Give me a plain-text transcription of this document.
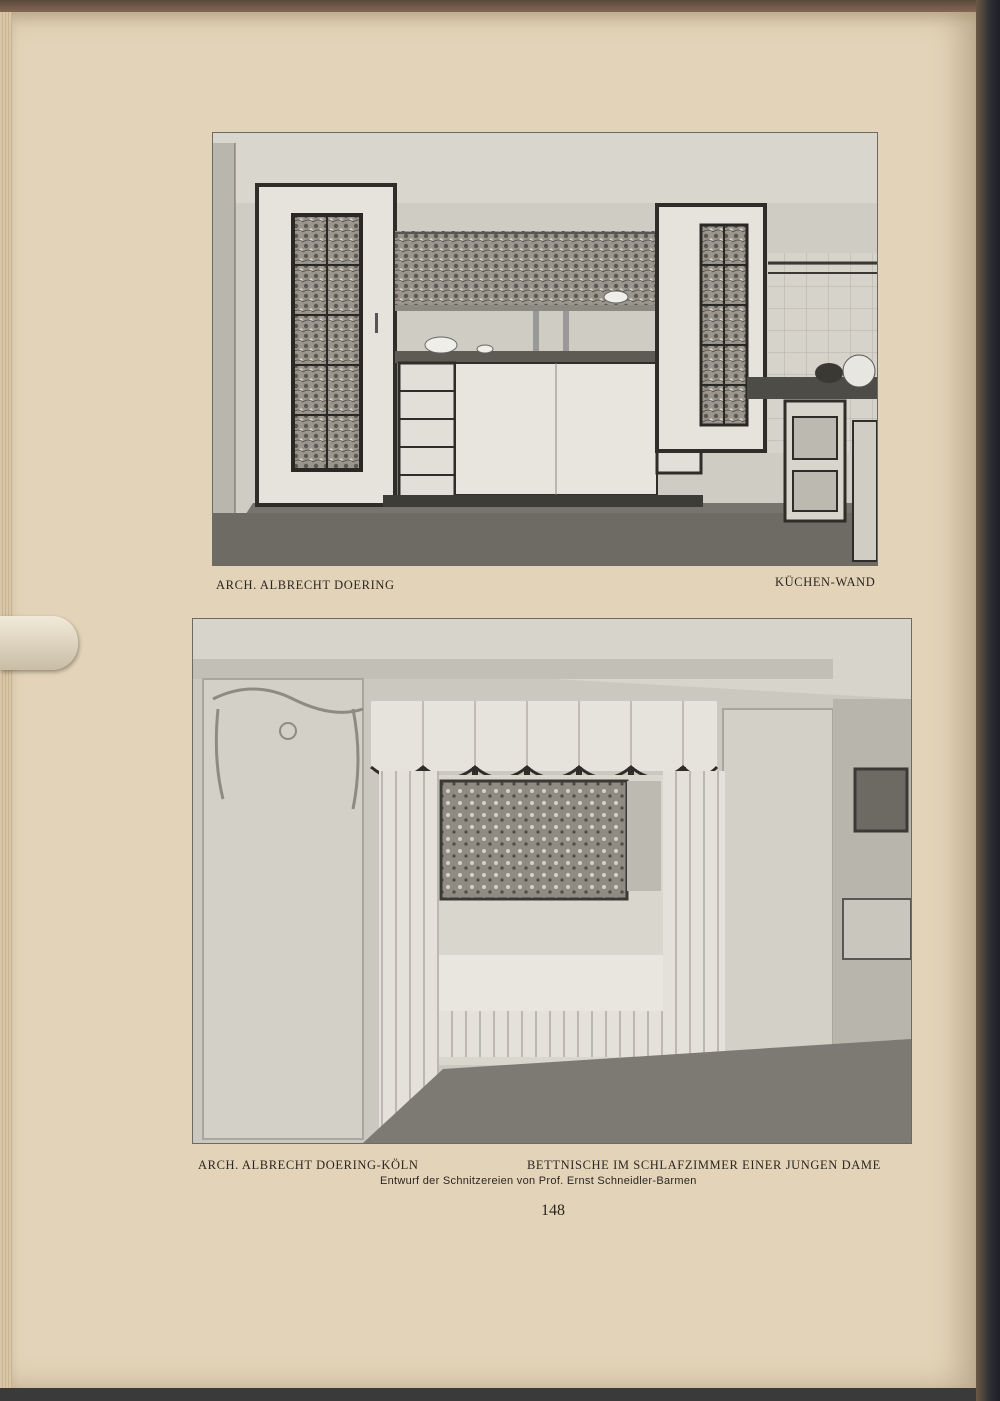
ARCH. ALBRECHT DOERING	KÜCHEN-WAND
ARCH. ALBRECHT DOERING-KÖLN	BETTNISCHE IM SCHLAFZIMMER EINER JUNGEN DAME
Entwurf der Schnitzereien von Prof. Ernst Schneidler-Barmen
148
